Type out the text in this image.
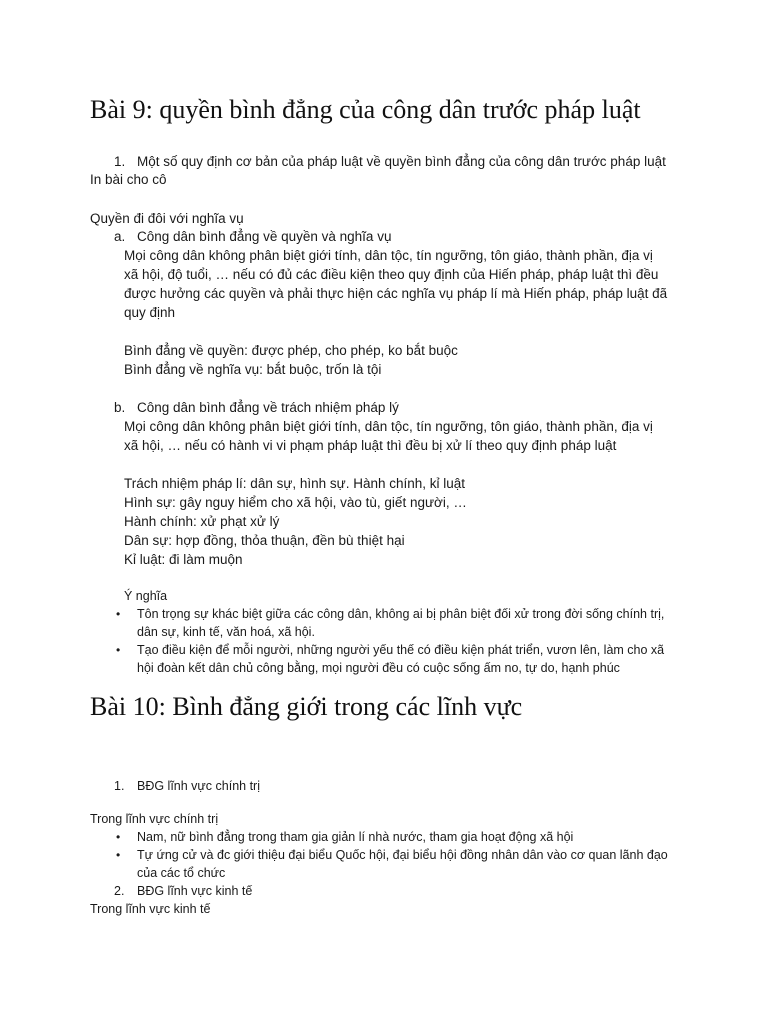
Bài 9: quyền bình đẳng của công dân trước pháp luật
1. Một số quy định cơ bản của pháp luật về quyền bình đẳng của công dân trước pháp luật
In bài cho cô
Quyền đi đôi với nghĩa vụ
a. Công dân bình đẳng về quyền và nghĩa vụ
Mọi công dân không phân biệt giới tính, dân tộc, tín ngưỡng, tôn giáo, thành phần, địa vị
xã hội, độ tuổi, … nếu có đủ các điều kiện theo quy định của Hiến pháp, pháp luật thì đều
được hưởng các quyền và phải thực hiện các nghĩa vụ pháp lí mà Hiến pháp, pháp luật đã
quy định
Bình đẳng về quyền: được phép, cho phép, ko bắt buộc
Bình đẳng về nghĩa vụ: bắt buộc, trốn là tội
b. Công dân bình đẳng về trách nhiệm pháp lý
Mọi công dân không phân biệt giới tính, dân tộc, tín ngưỡng, tôn giáo, thành phần, địa vị
xã hội, … nếu có hành vi vi phạm pháp luật thì đều bị xử lí theo quy định pháp luật
Trách nhiệm pháp lí: dân sự, hình sự. Hành chính, kỉ luật
Hình sự: gây nguy hiểm cho xã hội, vào tù, giết người, …
Hành chính: xử phạt xử lý
Dân sự: hợp đồng, thỏa thuận, đền bù thiệt hại
Kỉ luật: đi làm muộn
Ý nghĩa
• Tôn trọng sự khác biệt giữa các công dân, không ai bị phân biệt đối xử trong đời sống chính trị,
dân sự, kinh tế, văn hoá, xã hội.
• Tạo điều kiện để mỗi người, những người yếu thế có điều kiện phát triển, vươn lên, làm cho xã
hội đoàn kết dân chủ công bằng, mọi người đều có cuộc sống ấm no, tự do, hạnh phúc
Bài 10: Bình đẳng giới trong các lĩnh vực
1. BĐG lĩnh vực chính trị
Trong lĩnh vực chính trị
• Nam, nữ bình đẳng trong tham gia giản lí nhà nước, tham gia hoạt động xã hội
• Tự ứng cử và đc giới thiệu đại biểu Quốc hội, đại biểu hội đồng nhân dân vào cơ quan lãnh đạo
của các tổ chức
2. BĐG lĩnh vực kinh tế
Trong lĩnh vực kinh tế
